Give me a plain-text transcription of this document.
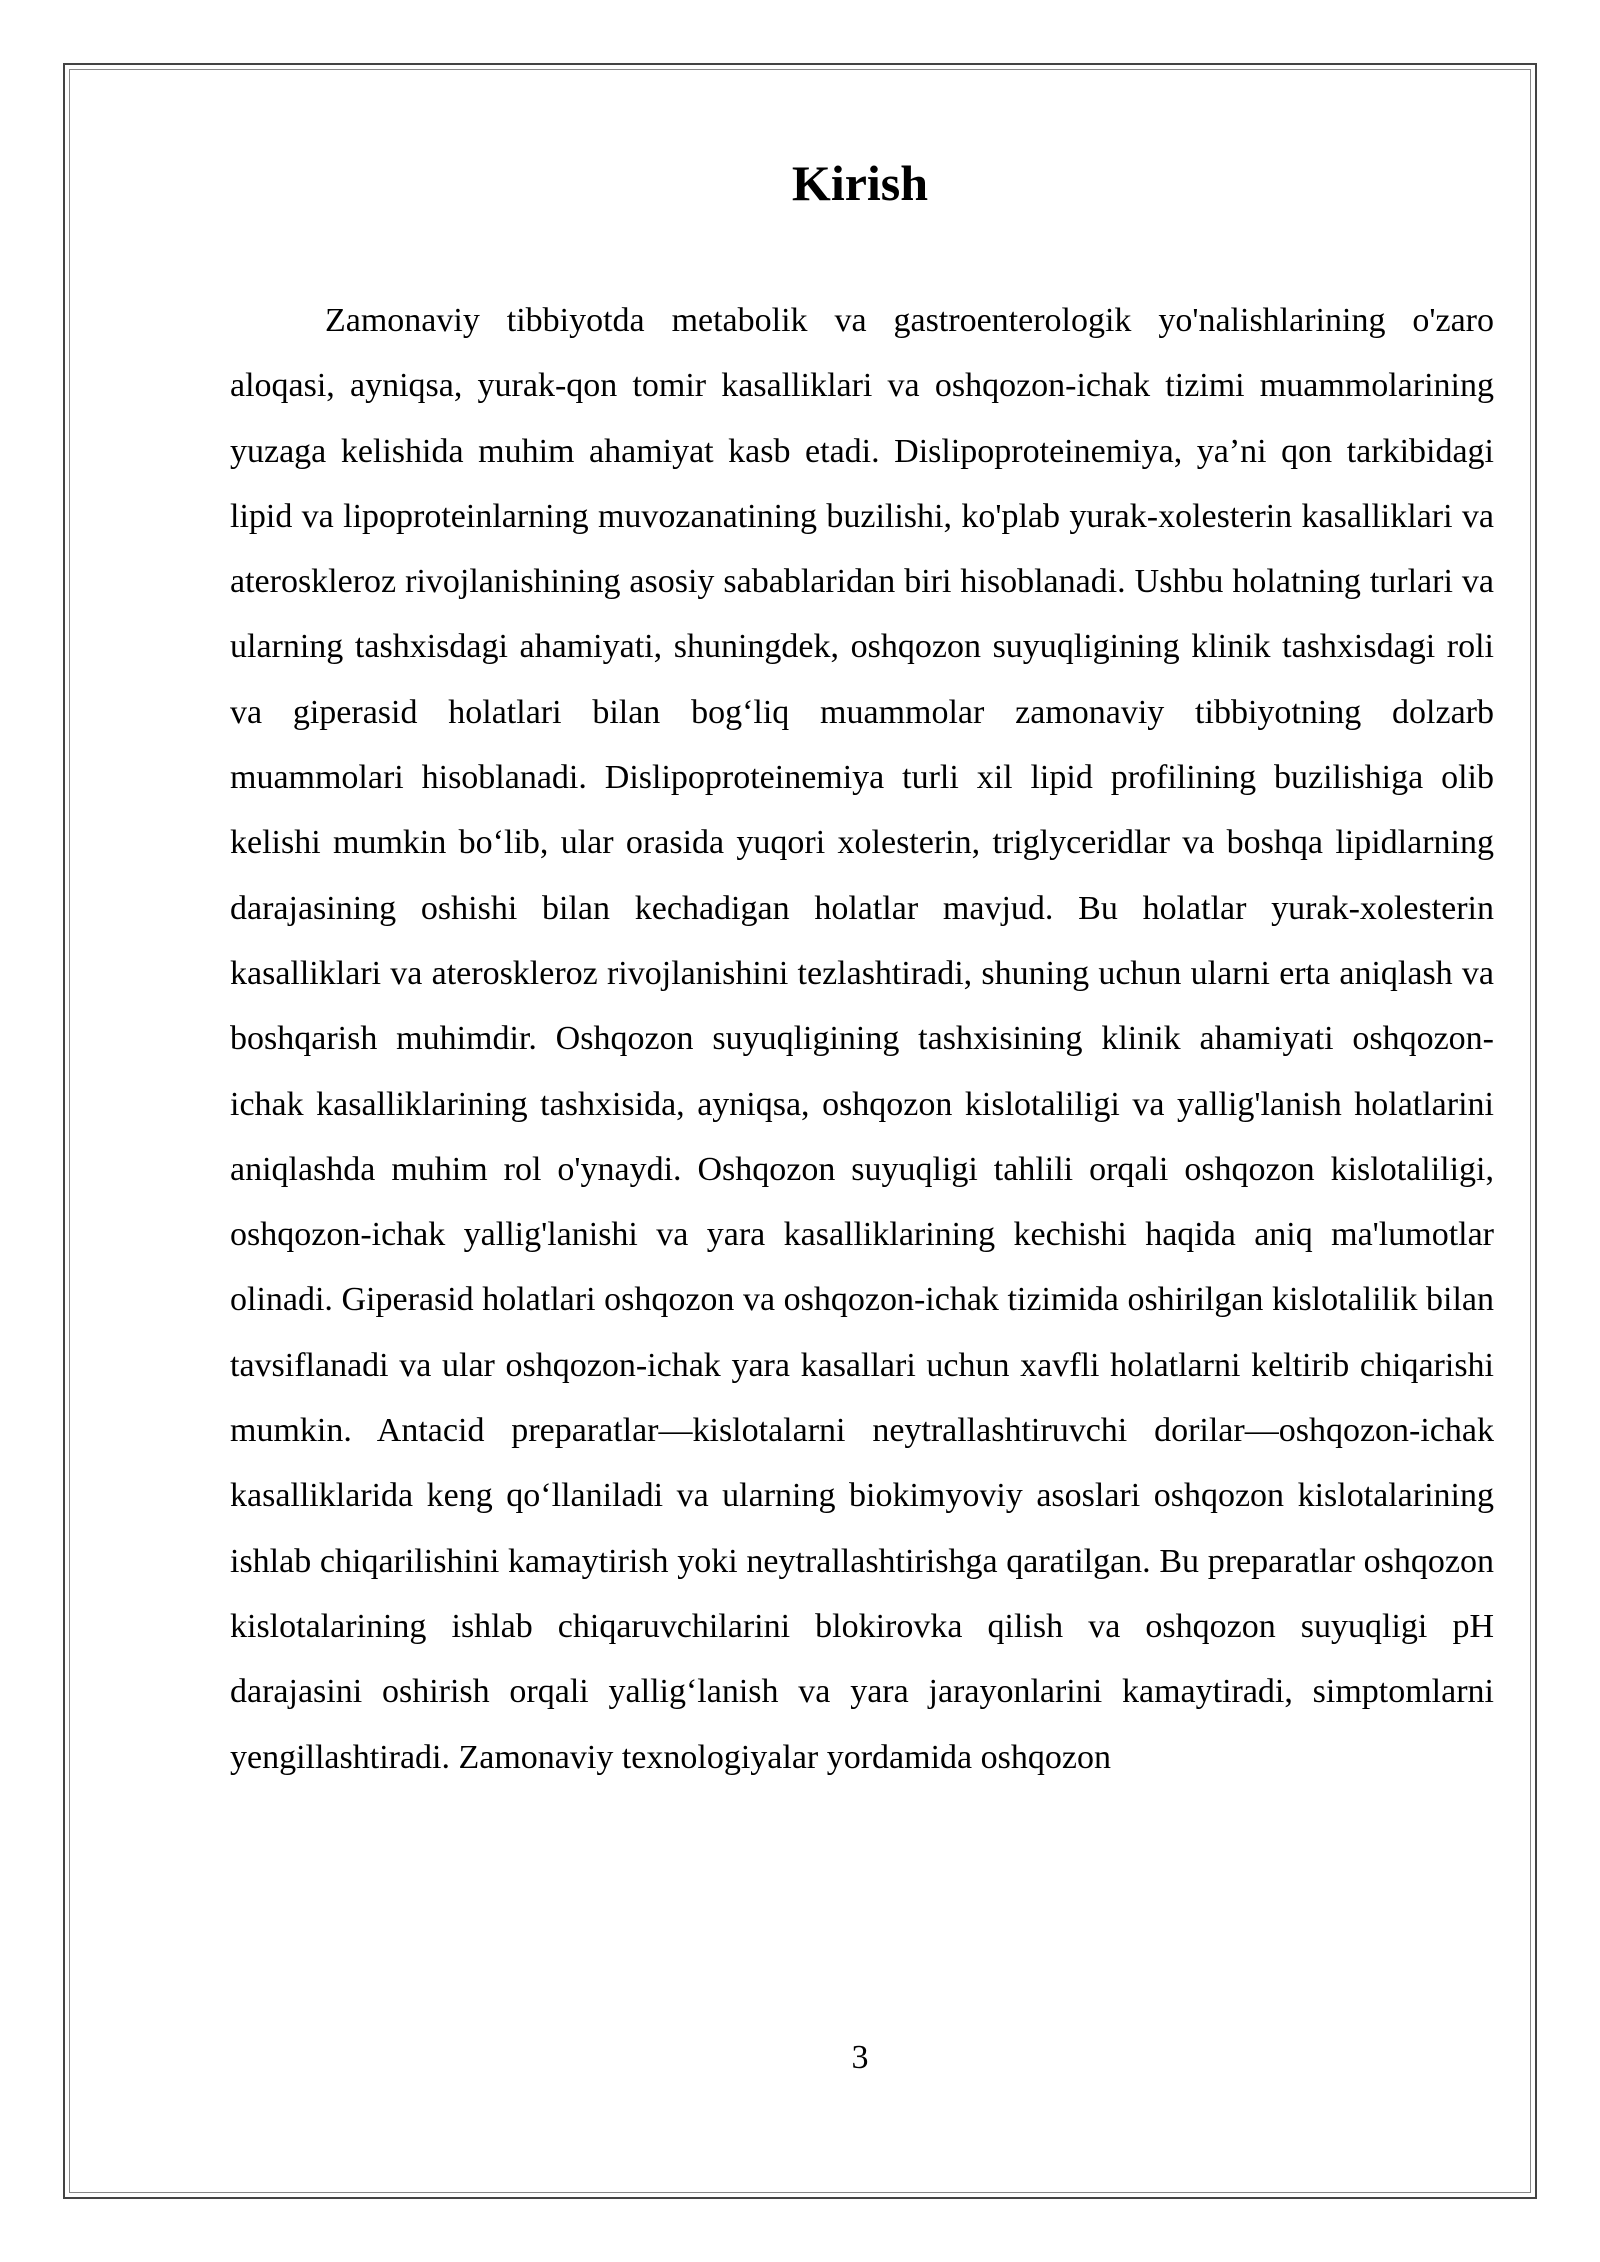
Kirish

Zamonaviy tibbiyotda metabolik va gastroenterologik yo'nalishlarining o'zaro aloqasi, ayniqsa, yurak-qon tomir kasalliklari va oshqozon-ichak tizimi muammolarining yuzaga kelishida muhim ahamiyat kasb etadi. Dislipoproteinemiya, ya’ni qon tarkibidagi lipid va lipoproteinlarning muvozanatining buzilishi, ko'plab yurak-xolesterin kasalliklari va ateroskleroz rivojlanishining asosiy sabablaridan biri hisoblanadi. Ushbu holatning turlari va ularning tashxisdagi ahamiyati, shuningdek, oshqozon suyuqligining klinik tashxisdagi roli va giperasid holatlari bilan bog‘liq muammolar zamonaviy tibbiyotning dolzarb muammolari hisoblanadi. Dislipoproteinemiya turli xil lipid profilining buzilishiga olib kelishi mumkin bo‘lib, ular orasida yuqori xolesterin, triglyceridlar va boshqa lipidlarning darajasining oshishi bilan kechadigan holatlar mavjud. Bu holatlar yurak-xolesterin kasalliklari va ateroskleroz rivojlanishini tezlashtiradi, shuning uchun ularni erta aniqlash va boshqarish muhimdir. Oshqozon suyuqligining tashxisining klinik ahamiyati oshqozon-ichak kasalliklarining tashxisida, ayniqsa, oshqozon kislotaliligi va yallig'lanish holatlarini aniqlashda muhim rol o'ynaydi. Oshqozon suyuqligi tahlili orqali oshqozon kislotaliligi, oshqozon-ichak yallig'lanishi va yara kasalliklarining kechishi haqida aniq ma'lumotlar olinadi. Giperasid holatlari oshqozon va oshqozon-ichak tizimida oshirilgan kislotalilik bilan tavsiflanadi va ular oshqozon-ichak yara kasallari uchun xavfli holatlarni keltirib chiqarishi mumkin. Antacid preparatlar—kislotalarni neytrallashtiruvchi dorilar—oshqozon-ichak kasalliklarida keng qo‘llaniladi va ularning biokimyoviy asoslari oshqozon kislotalarining ishlab chiqarilishini kamaytirish yoki neytrallashtirishga qaratilgan. Bu preparatlar oshqozon kislotalarining ishlab chiqaruvchilarini blokirovka qilish va oshqozon suyuqligi pH darajasini oshirish orqali yallig‘lanish va yara jarayonlarini kamaytiradi, simptomlarni yengillashtiradi. Zamonaviy texnologiyalar yordamida oshqozon

3
